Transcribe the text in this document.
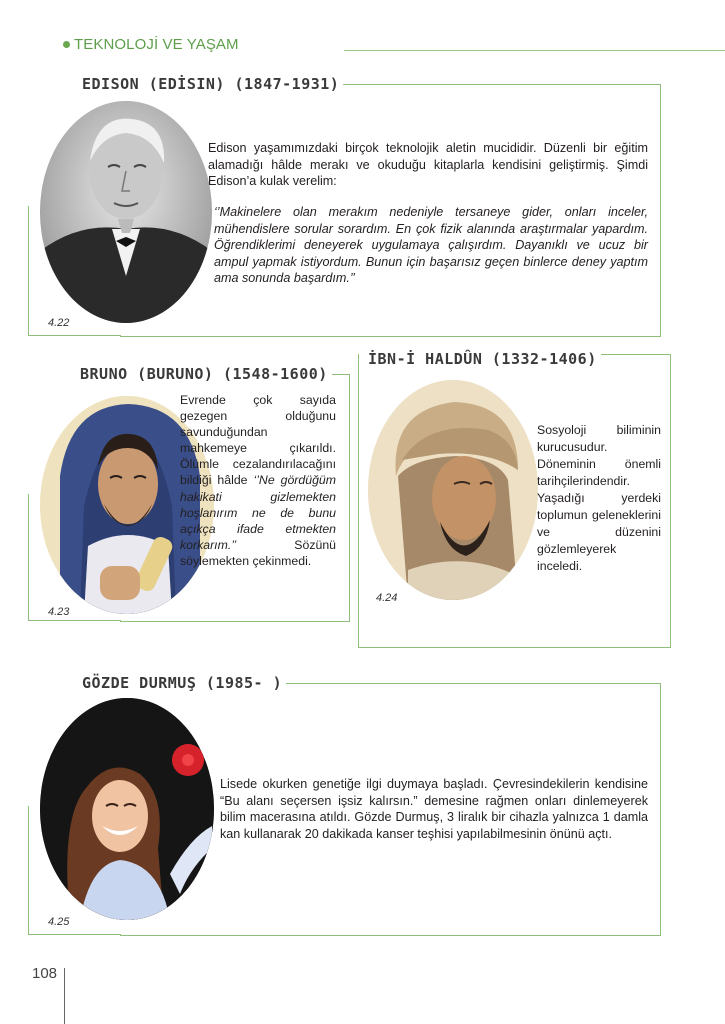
TEKNOLOJİ VE YAŞAM
EDISON (EDİSIN) (1847-1931)
4.22
Edison yaşamımızdaki birçok teknolojik aletin mucididir. Düzenli bir eğitim alamadığı hâlde merakı ve okuduğu kitaplarla kendisini geliştirmiş. Şimdi Edison’a kulak verelim:
‘’Makinelere olan merakım nedeniyle tersaneye gider, onları inceler, mühendislere sorular sorardım. En çok fizik alanında araştırmalar yapardım. Öğrendiklerimi deneyerek uygulamaya çalışırdım. Dayanıklı ve ucuz bir ampul yapmak istiyordum. Bunun için başarısız geçen binlerce deney yaptım ama sonunda başardım.’’
BRUNO (BURUNO) (1548-1600)
4.23
Evrende çok sayıda gezegen olduğunu savunduğundan mahkemeye çıkarıldı. Ölümle cezalandırılacağını bildiği hâlde ‘’Ne gördüğüm hakikati gizlemekten hoşlanırım ne de bunu açıkça ifade etmekten korkarım.’’ Sözünü söylemekten çekinmedi.
İBN-İ HALDÛN (1332-1406)
4.24
Sosyoloji biliminin kurucusudur. Döneminin önemli tarihçilerindendir. Yaşadığı yerdeki toplumun geleneklerini ve düzenini gözlemleyerek inceledi.
GÖZDE DURMUŞ (1985- )
4.25
Lisede okurken genetiğe ilgi duymaya başladı. Çevresindekilerin kendisine “Bu alanı seçersen işsiz kalırsın.” demesine rağmen onları dinlemeyerek bilim macerasına atıldı. Gözde Durmuş, 3 liralık bir cihazla yalnızca 1 damla kan kullanarak 20 dakikada kanser teşhisi yapılabilmesinin önünü açtı.
108
